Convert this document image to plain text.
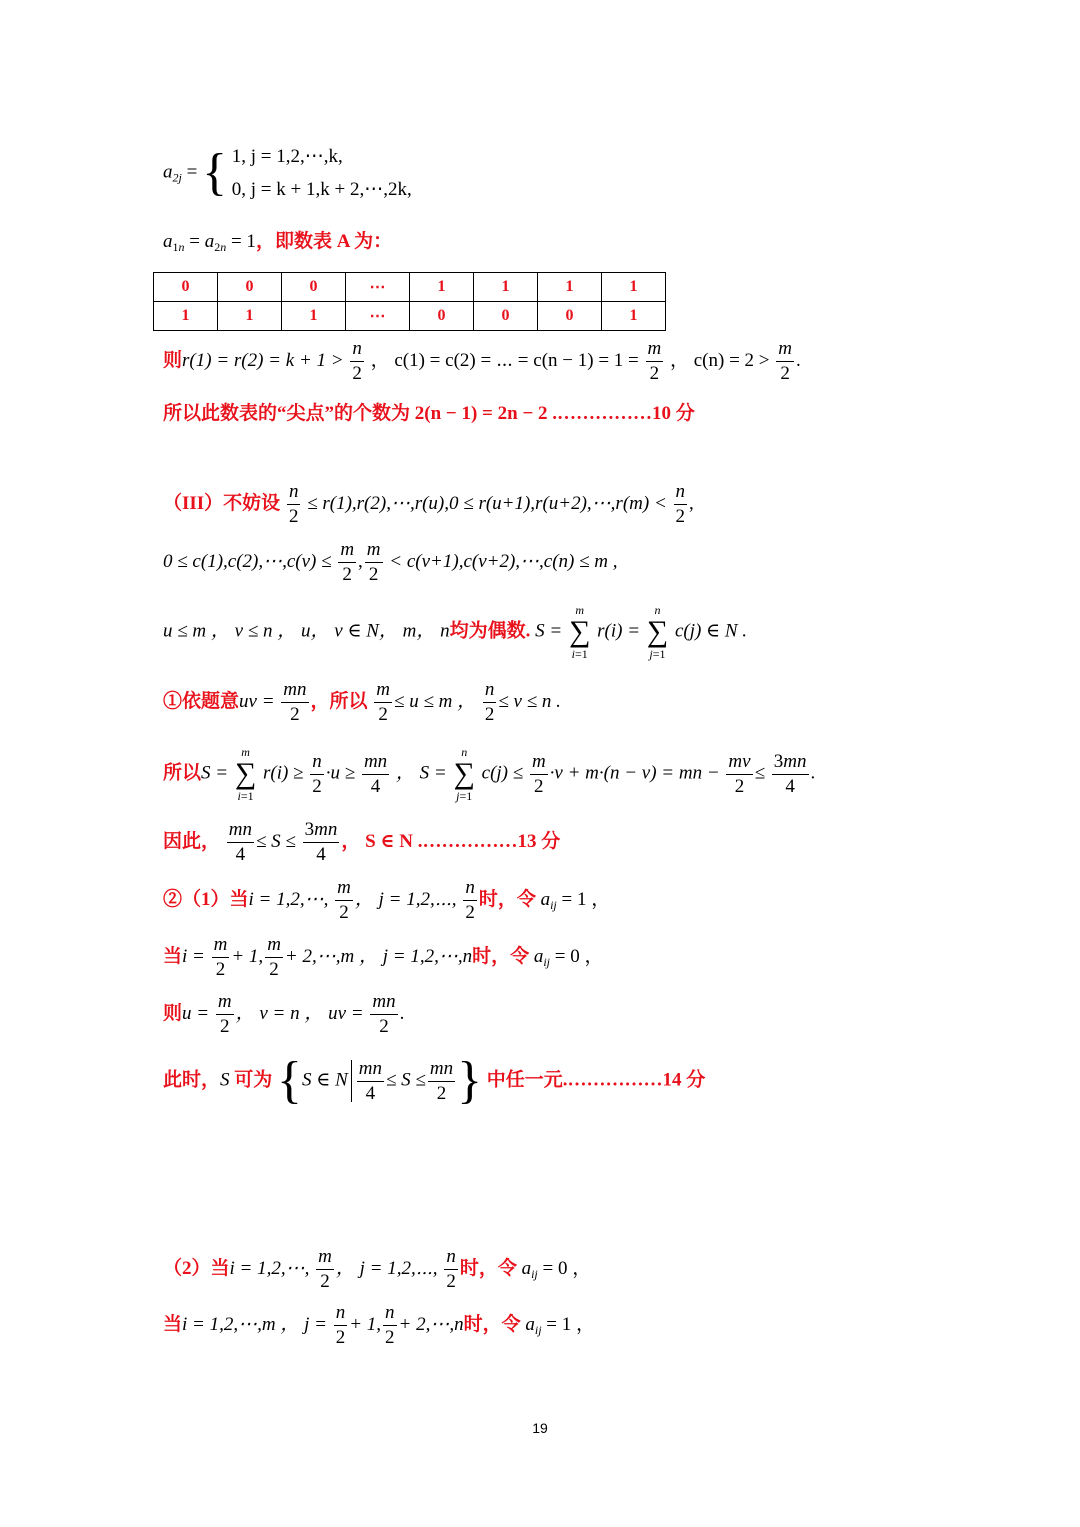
$a_{2j}$ = { 1, j = 1,2,⋯,k,
0, j = k + 1,k + 2,⋯,2k,
$a_{1n} = a_{2n} = 1$，即数表 A 为：
0	0	0	⋯	1	1	1	1
1	1	1	⋯	0	0	0	1
则$r(1) = r(2) = k + 1 > \frac{n}{2}$ ， c(1) = c(2) = ⋯ = $c(n - 1) = 1 = \frac{m}{2}$ ， $c(n) = 2 > \frac{m}{2}$ .
所以此数表的“尖点”的个数为 2(n − 1) = 2n − 2 .……………10 分
（III）不妨设 $\frac{n}{2}$ ≤ r(1),r(2),⋯,r(u),0 ≤ r(u+1),r(u+2),⋯,r(m) < $\frac{n}{2}$ ,
0 ≤ c(1),c(2),⋯,c(v) ≤ $\frac{m}{2}$ , $\frac{m}{2}$ < c(v+1),c(v+2),⋯,c(n) ≤ m ,
u ≤ m ， v ≤ n ， u， v ∈ N， m， n均为偶数. S =
m
∑
i=1
r(i) =
n
∑
j=1
c(j) ∈ N .
①依题意uv = $\frac{mn}{2}$ ，所以 $\frac{m}{2} \le u \le m$ ， $\frac{n}{2} \le v \le n$ .
所以S =
m
∑
i=1
$r(i) \ge \frac{n}{2} \cdot u \ge \frac{mn}{4}$ ， S =
n
∑
j=1
$c(j) \le \frac{m}{2} \cdot v + m\cdot(n - v)$ = mn − $\frac{mv}{2} \le \frac{3mn}{4}$ .
因此， $\frac{mn}{4} \le S \le \frac{3mn}{4}$ ， S ∈ N .……………13 分
②（1）当i = 1,2,⋯, $\frac{m}{2}$ ， j = 1,2,⋯, $\frac{n}{2}$ 时，令 $a_{ij} = 1$ ，
当$i = \frac{m}{2} + 1$, $\frac{m}{2}$ + 2,⋯,m ， j = 1,2,⋯,n时，令 $a_{ij} = 0$ ，
则$u = \frac{m}{2}$ ， v = n ， uv = $\frac{mn}{2}$ .
此时，S 可为 {S ∈ N $\frac{mn}{4} \le S \le \frac{mn}{2}$ } 中任一元.……………14 分
（2）当i = 1,2,⋯, $\frac{m}{2}$ ， j = 1,2,⋯, $\frac{n}{2}$ 时，令 $a_{ij} = 0$ ，
当i = 1,2,⋯,m ， $j = \frac{n}{2} + 1$, $\frac{n}{2}$ + 2,⋯,n时，令 $a_{ij} = 1$ ，
19
